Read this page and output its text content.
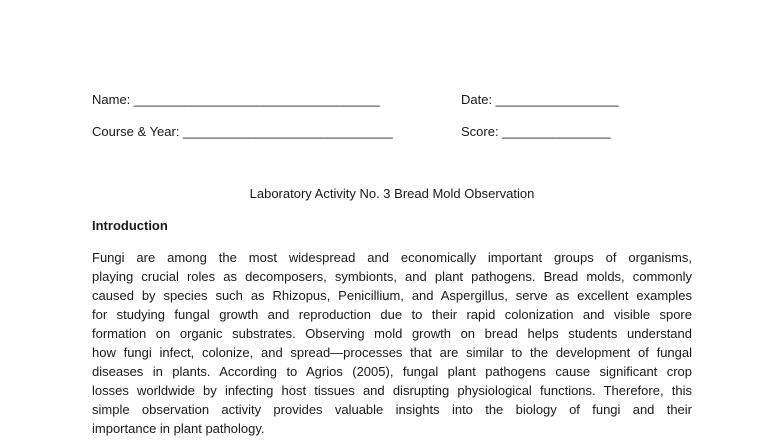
Name: __________________________________	Date: _________________
Course & Year: _____________________________	Score: _______________
Laboratory Activity No. 3 Bread Mold Observation
Introduction
Fungi are among the most widespread and economically important groups of organisms,
playing crucial roles as decomposers, symbionts, and plant pathogens. Bread molds, commonly
caused by species such as Rhizopus, Penicillium, and Aspergillus, serve as excellent examples
for studying fungal growth and reproduction due to their rapid colonization and visible spore
formation on organic substrates. Observing mold growth on bread helps students understand
how fungi infect, colonize, and spread—processes that are similar to the development of fungal
diseases in plants. According to Agrios (2005), fungal plant pathogens cause significant crop
losses worldwide by infecting host tissues and disrupting physiological functions. Therefore, this
simple observation activity provides valuable insights into the biology of fungi and their
importance in plant pathology.
